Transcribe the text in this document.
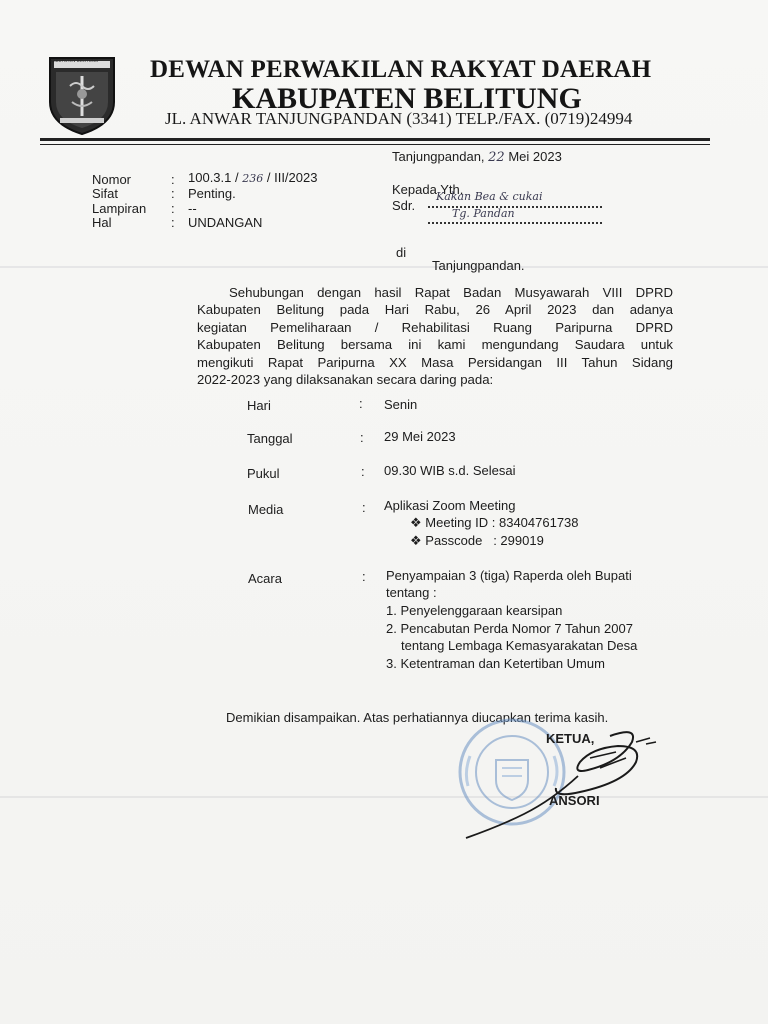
KABUPATEN BELITUNG DEWAN PERWAKILAN RAKYAT DAERAH
KABUPATEN BELITUNG
JL. ANWAR TANJUNGPANDAN (3341) TELP./FAX. (0719)24994
Tanjungpandan, 22 Mei 2023
Nomor	: 100.3.1 / 236 / III/2023
Sifat	: Penting.
Lampiran : --
Hal	: UNDANGAN
Kepada Yth.
Sdr.
Kakan Bea & cukai
Tg. Pandan
di
Tanjungpandan.
Sehubungan dengan hasil Rapat Badan Musyawarah VIII DPRD
Kabupaten Belitung pada Hari Rabu, 26 April 2023 dan adanya
kegiatan Pemeliharaan / Rehabilitasi Ruang Paripurna DPRD
Kabupaten Belitung bersama ini kami mengundang Saudara untuk
mengikuti Rapat Paripurna XX Masa Persidangan III Tahun Sidang
2022-2023 yang dilaksanakan secara daring pada:
Hari	: Senin
Tanggal	: 29 Mei 2023
Pukul	: 09.30 WIB s.d. Selesai
Media	: Aplikasi Zoom Meeting
❖ Meeting ID : 83404761738
❖ Passcode   : 299019
Acara	: Penyampaian 3 (tiga) Raperda oleh Bupati
tentang :
1. Penyelenggaraan kearsipan
2. Pencabutan Perda Nomor 7 Tahun 2007
tentang Lembaga Kemasyarakatan Desa
3. Ketentraman dan Ketertiban Umum
Demikian disampaikan. Atas perhatiannya diucapkan terima kasih.
KETUA,
ANSORI
